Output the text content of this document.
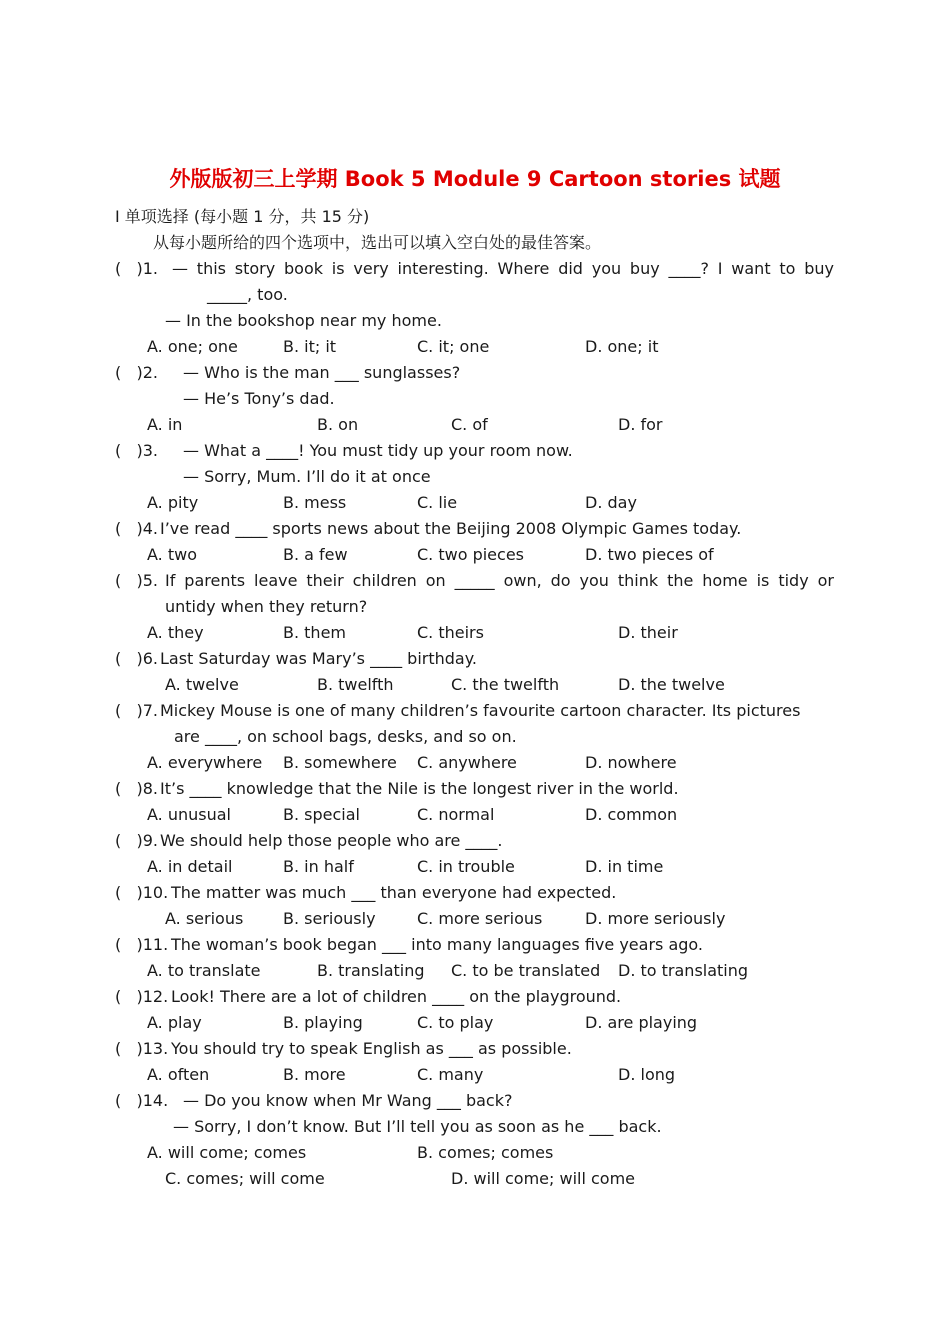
外版版初三上学期 Book 5 Module 9 Cartoon stories 试题
I 单项选择 (每小题 1 分，共 15 分)
从每小题所给的四个选项中，选出可以填入空白处的最佳答案。
(   )1. — this story book is very interesting. Where did you buy ____? I want to buy
_____, too.
— In the bookshop near my home.
A. one; one	B. it; it	C. it; one	D. one; it
(   )2. — Who is the man ___ sunglasses?
— He’s Tony’s dad.
A. in	B. on	C. of	D. for
(   )3. — What a ____! You must tidy up your room now.
— Sorry, Mum. I’ll do it at once
A. pity	B. mess	C. lie	D. day
(   )4. I’ve read ____ sports news about the Beijing 2008 Olympic Games today.
A. two	B. a few	C. two pieces	D. two pieces of
(   )5. If parents leave their children on _____ own, do you think the home is tidy or
untidy when they return?
A. they	B. them	C. theirs	D. their
(   )6. Last Saturday was Mary’s ____ birthday.
A. twelve	B. twelfth	C. the twelfth	D. the twelve
(   )7. Mickey Mouse is one of many children’s favourite cartoon character. Its pictures
are ____, on school bags, desks, and so on.
A. everywhere B. somewhere C. anywhere	D. nowhere
(   )8. It’s ____ knowledge that the Nile is the longest river in the world.
A. unusual	B. special	C. normal	D. common
(   )9. We should help those people who are ____.
A. in detail	B. in half	C. in trouble	D. in time
(   )10. The matter was much ___ than everyone had expected.
A. serious B. seriously	C. more serious	D. more seriously
(   )11. The woman’s book began ___ into many languages five years ago.
A. to translate	B. translating C. to be translated D. to translating
(   )12. Look! There are a lot of children ____ on the playground.
A. play	B. playing	C. to play	D. are playing
(   )13. You should try to speak English as ___ as possible.
A. often	B. more	C. many	D. long
(   )14. — Do you know when Mr Wang ___ back?
— Sorry, I don’t know. But I’ll tell you as soon as he ___ back.
A. will come; comes	B. comes; comes
C. comes; will come	D. will come; will come
